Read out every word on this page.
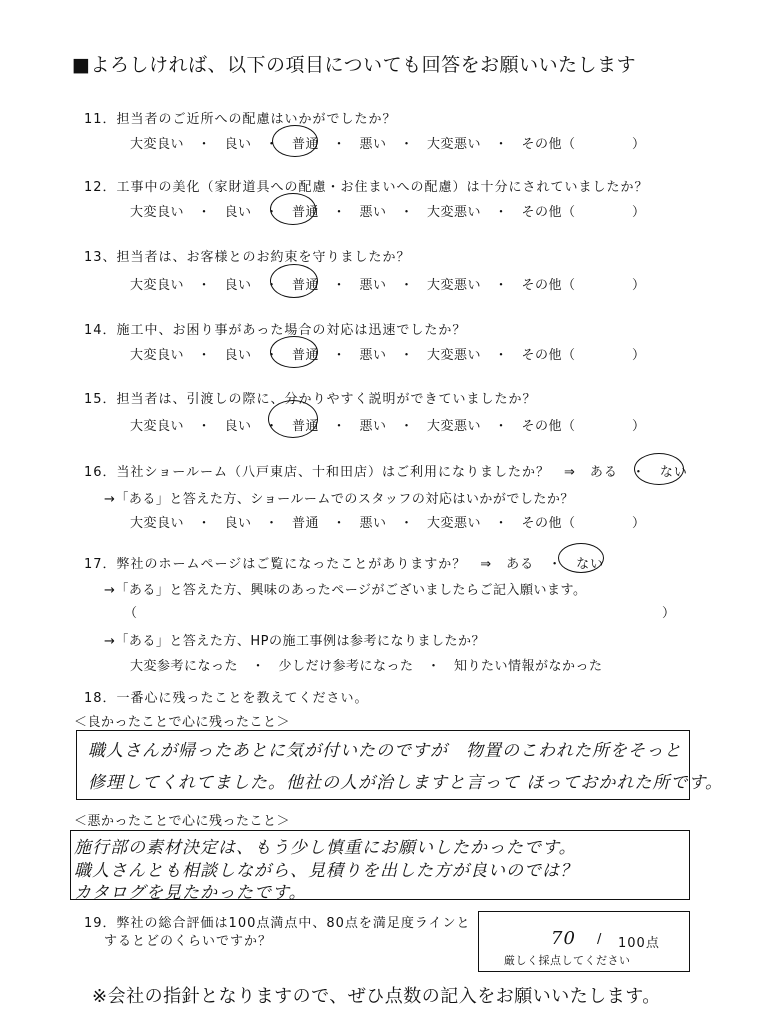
■よろしければ、以下の項目についても回答をお願いいたします
11．担当者のご近所への配慮はいかがでしたか？
大変良い　・　良い　・　普通　・　悪い　・　大変悪い　・　その他（	）
12．工事中の美化（家財道具への配慮・お住まいへの配慮）は十分にされていましたか？
大変良い　・　良い　・　普通　・　悪い　・　大変悪い　・　その他（	）
13、担当者は、お客様とのお約束を守りましたか？
大変良い　・　良い　・　普通　・　悪い　・　大変悪い　・　その他（	）
14．施工中、お困り事があった場合の対応は迅速でしたか？
大変良い　・　良い　・　普通　・　悪い　・　大変悪い　・　その他（	）
15．担当者は、引渡しの際に、分かりやすく説明ができていましたか？
大変良い　・　良い　・　普通　・　悪い　・　大変悪い　・　その他（	）
16．当社ショールーム（八戸東店、十和田店）はご利用になりましたか？　⇒　ある　・　ない
→「ある」と答えた方、ショールームでのスタッフの対応はいかがでしたか？
大変良い　・　良い　・　普通　・　悪い　・　大変悪い　・　その他（	）
17．弊社のホームページはご覧になったことがありますか？　⇒　ある　・　ない
→「ある」と答えた方、興味のあったページがございましたらご記入願います。
（	）
→「ある」と答えた方、HPの施工事例は参考になりましたか？
大変参考になった　・　少しだけ参考になった　・　知りたい情報がなかった
18．一番心に残ったことを教えてください。
＜良かったことで心に残ったこと＞
職人さんが帰ったあとに気が付いたのですが　物置のこわれた所をそっと
修理してくれてました。他社の人が治しますと言って ほっておかれた所です。
＜悪かったことで心に残ったこと＞
施行部の素材決定は、もう少し慎重にお願いしたかったです。
職人さんとも相談しながら、見積りを出した方が良いのでは？
カタログを見たかったです。
19．弊社の総合評価は100点満点中、80点を満足度ラインと
するとどのくらいですか？	70 / 100点
厳しく採点してください
※会社の指針となりますので、ぜひ点数の記入をお願いいたします。
